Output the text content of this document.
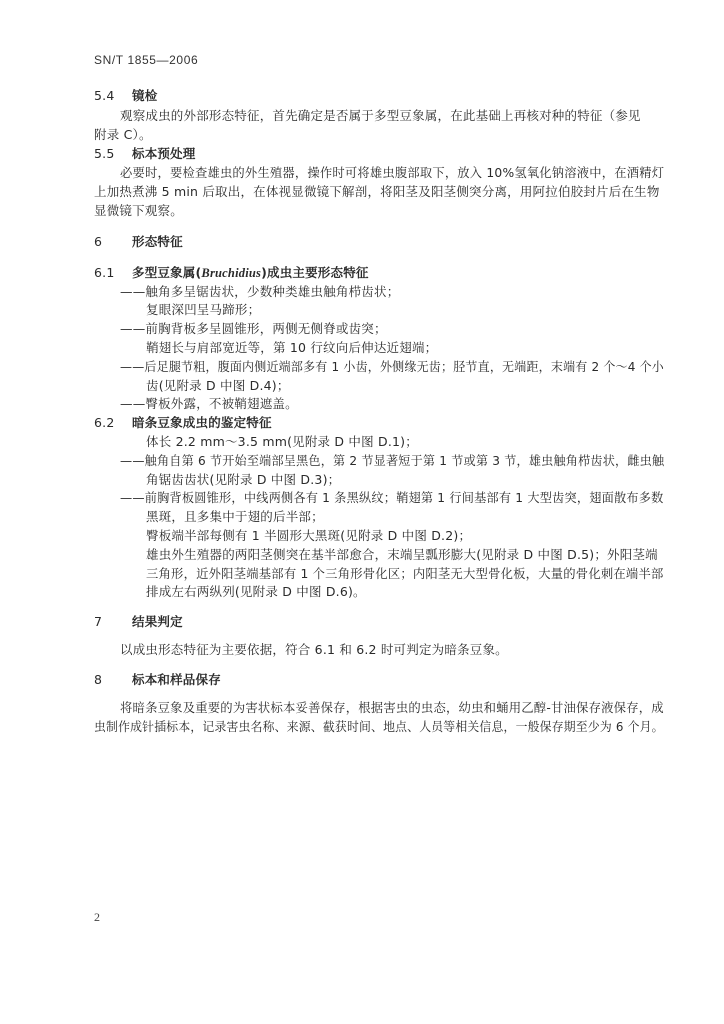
SN/T 1855—2006
5.4 镜检
观察成虫的外部形态特征，首先确定是否属于多型豆象属，在此基础上再核对种的特征（参见
附录 C）。
5.5 标本预处理
必要时，要检查雄虫的外生殖器，操作时可将雄虫腹部取下，放入 10%氢氧化钠溶液中，在酒精灯
上加热煮沸 5 min 后取出，在体视显微镜下解剖，将阳茎及阳茎侧突分离，用阿拉伯胶封片后在生物
显微镜下观察。
6 形态特征
6.1 多型豆象属(Bruchidius)成虫主要形态特征
——触角多呈锯齿状，少数种类雄虫触角栉齿状；
复眼深凹呈马蹄形；
——前胸背板多呈圆锥形，两侧无侧脊或齿突；
鞘翅长与肩部宽近等，第 10 行纹向后伸达近翅端；
——后足腿节粗，腹面内侧近端部多有 1 小齿，外侧缘无齿；胫节直，无端距，末端有 2 个～4 个小
齿(见附录 D 中图 D.4)；
——臀板外露，不被鞘翅遮盖。
6.2 暗条豆象成虫的鉴定特征
体长 2.2 mm～3.5 mm(见附录 D 中图 D.1)；
——触角自第 6 节开始至端部呈黑色，第 2 节显著短于第 1 节或第 3 节，雄虫触角栉齿状，雌虫触
角锯齿齿状(见附录 D 中图 D.3)；
——前胸背板圆锥形，中线两侧各有 1 条黑纵纹；鞘翅第 1 行间基部有 1 大型齿突，翅面散布多数
黑斑，且多集中于翅的后半部；
臀板端半部每侧有 1 半圆形大黑斑(见附录 D 中图 D.2)；
雄虫外生殖器的两阳茎侧突在基半部愈合，末端呈瓢形膨大(见附录 D 中图 D.5)；外阳茎端
三角形，近外阳茎端基部有 1 个三角形骨化区；内阳茎无大型骨化板，大量的骨化刺在端半部
排成左右两纵列(见附录 D 中图 D.6)。
7 结果判定
以成虫形态特征为主要依据，符合 6.1 和 6.2 时可判定为暗条豆象。
8 标本和样品保存
将暗条豆象及重要的为害状标本妥善保存，根据害虫的虫态，幼虫和蛹用乙醇-甘油保存液保存，成
虫制作成针插标本，记录害虫名称、来源、截获时间、地点、人员等相关信息，一般保存期至少为 6 个月。
2
